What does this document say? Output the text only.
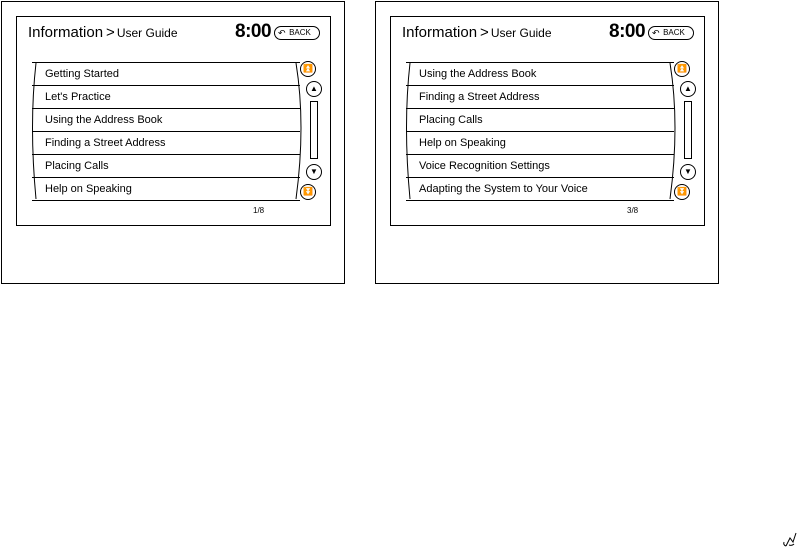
Information > User Guide	8:00 ↶ BACK
Getting Started
Let's Practice
Using the Address Book
Finding a Street Address
Placing Calls
Help on Speaking
⏫
▲
▼
⏬
1/8
Information > User Guide	8:00 ↶ BACK
Using the Address Book
Finding a Street Address
Placing Calls
Help on Speaking
Voice Recognition Settings
Adapting the System to Your Voice
⏫
▲
▼
⏬
3/8
